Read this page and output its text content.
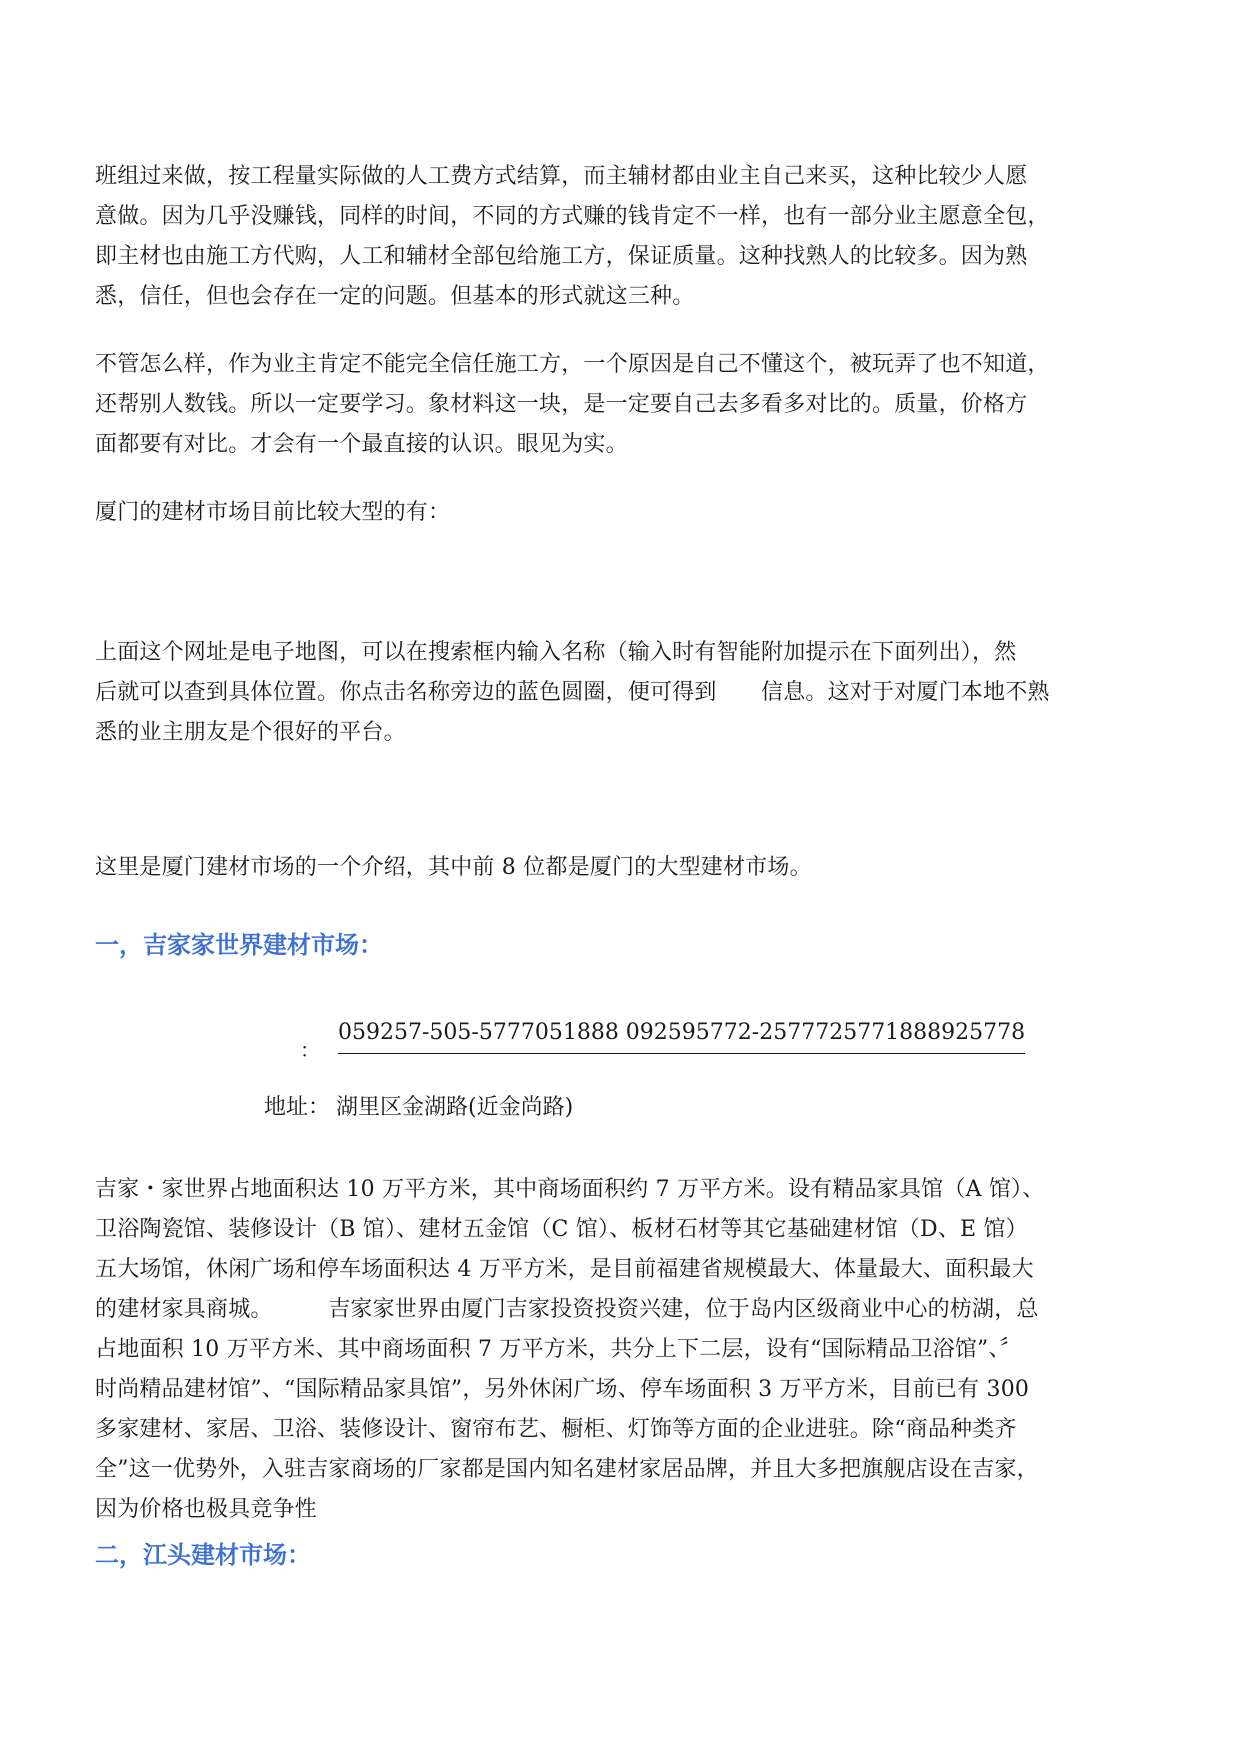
班组过来做，按工程量实际做的人工费方式结算，而主辅材都由业主自己来买，这种比较少人愿
意做。因为几乎没赚钱，同样的时间，不同的方式赚的钱肯定不一样，也有一部分业主愿意全包，
即主材也由施工方代购，人工和辅材全部包给施工方，保证质量。这种找熟人的比较多。因为熟
悉，信任，但也会存在一定的问题。但基本的形式就这三种。

不管怎么样，作为业主肯定不能完全信任施工方，一个原因是自己不懂这个，被玩弄了也不知道，
还帮别人数钱。所以一定要学习。象材料这一块，是一定要自己去多看多对比的。质量，价格方
面都要有对比。才会有一个最直接的认识。眼见为实。

厦门的建材市场目前比较大型的有：

上面这个网址是电子地图，可以在搜索框内输入名称（输入时有智能附加提示在下面列出），然
后就可以查到具体位置。你点击名称旁边的蓝色圆圈，便可得到　　信息。这对于对厦门本地不熟
悉的业主朋友是个很好的平台。

这里是厦门建材市场的一个介绍，其中前 8 位都是厦门的大型建材市场。

一，吉家家世界建材市场：
：
059257-505-5777051888 092595772-2577725771888925778
地址： 湖里区金湖路(近金尚路)

吉家・家世界占地面积达 10 万平方米，其中商场面积约 7 万平方米。设有精品家具馆（A 馆）、
卫浴陶瓷馆、装修设计（B 馆）、建材五金馆（C 馆）、板材石材等其它基础建材馆（D、E 馆）
五大场馆，休闲广场和停车场面积达 4 万平方米，是目前福建省规模最大、体量最大、面积最大
的建材家具商城。　　　吉家家世界由厦门吉家投资投资兴建，位于岛内区级商业中心的枋湖，总
占地面积 10 万平方米、其中商场面积 7 万平方米，共分上下二层，设有“国际精品卫浴馆”、〞
时尚精品建材馆”、“国际精品家具馆”，另外休闲广场、停车场面积 3 万平方米，目前已有 300
多家建材、家居、卫浴、装修设计、窗帘布艺、橱柜、灯饰等方面的企业进驻。除“商品种类齐
全”这一优势外，入驻吉家商场的厂家都是国内知名建材家居品牌，并且大多把旗舰店设在吉家，
因为价格也极具竞争性

二，江头建材市场：
